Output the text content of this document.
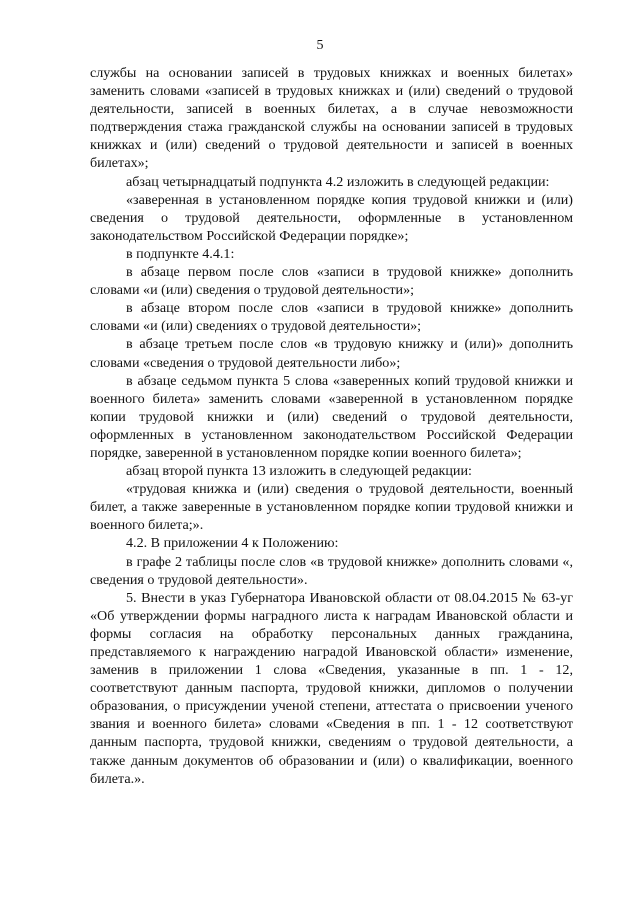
5

службы на основании записей в трудовых книжках и военных билетах» заменить словами «записей в трудовых книжках и (или) сведений о трудовой деятельности, записей в военных билетах, а в случае невозможности подтверждения стажа гражданской службы на основании записей в трудовых книжках и (или) сведений о трудовой деятельности и записей в военных билетах»;

абзац четырнадцатый подпункта 4.2 изложить в следующей редакции:

«заверенная в установленном порядке копия трудовой книжки и (или) сведения о трудовой деятельности, оформленные в установленном законодательством Российской Федерации порядке»;

в подпункте 4.4.1:

в абзаце первом после слов «записи в трудовой книжке» дополнить словами «и (или) сведения о трудовой деятельности»;

в абзаце втором после слов «записи в трудовой книжке» дополнить словами «и (или) сведениях о трудовой деятельности»;

в абзаце третьем после слов «в трудовую книжку и (или)» дополнить словами «сведения о трудовой деятельности либо»;

в абзаце седьмом пункта 5 слова «заверенных копий трудовой книжки и военного билета» заменить словами «заверенной в установленном порядке копии трудовой книжки и (или) сведений о трудовой деятельности, оформленных в установленном законодательством Российской Федерации порядке, заверенной в установленном порядке копии военного билета»;

абзац второй пункта 13 изложить в следующей редакции:

«трудовая книжка и (или) сведения о трудовой деятельности, военный билет, а также заверенные в установленном порядке копии трудовой книжки и военного билета;».

4.2. В приложении 4 к Положению:

в графе 2 таблицы после слов «в трудовой книжке» дополнить словами «, сведения о трудовой деятельности».

5. Внести в указ Губернатора Ивановской области от 08.04.2015 № 63-уг «Об утверждении формы наградного листа к наградам Ивановской области и формы согласия на обработку персональных данных гражданина, представляемого к награждению наградой Ивановской области» изменение, заменив в приложении 1 слова «Сведения, указанные в пп. 1 - 12, соответствуют данным паспорта, трудовой книжки, дипломов о получении образования, о присуждении ученой степени, аттестата о присвоении ученого звания и военного билета» словами «Сведения в пп. 1 - 12 соответствуют данным паспорта, трудовой книжки, сведениям о трудовой деятельности, а также данным документов об образовании и (или) о квалификации, военного билета.».
